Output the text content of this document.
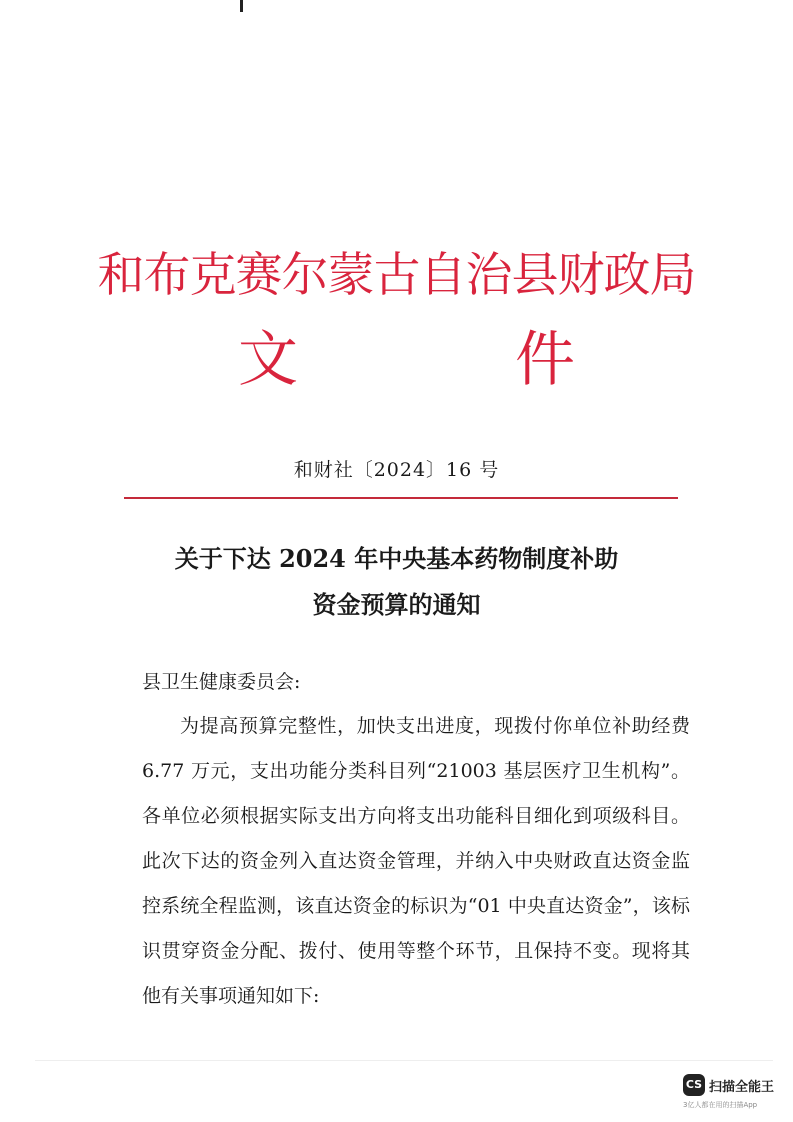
和布克赛尔蒙古自治县财政局
文	件
和财社〔2024〕16 号
关于下达 2024 年中央基本药物制度补助
资金预算的通知
县卫生健康委员会:

为提高预算完整性，加快支出进度，现拨付你单位补助经费 6.77 万元，支出功能分类科目列“21003 基层医疗卫生机构”。各单位必须根据实际支出方向将支出功能科目细化到项级科目。此次下达的资金列入直达资金管理，并纳入中央财政直达资金监控系统全程监测，该直达资金的标识为“01 中央直达资金”，该标识贯穿资金分配、拨付、使用等整个环节，且保持不变。现将其他有关事项通知如下:

CS 扫描全能王
3亿人都在用的扫描App
